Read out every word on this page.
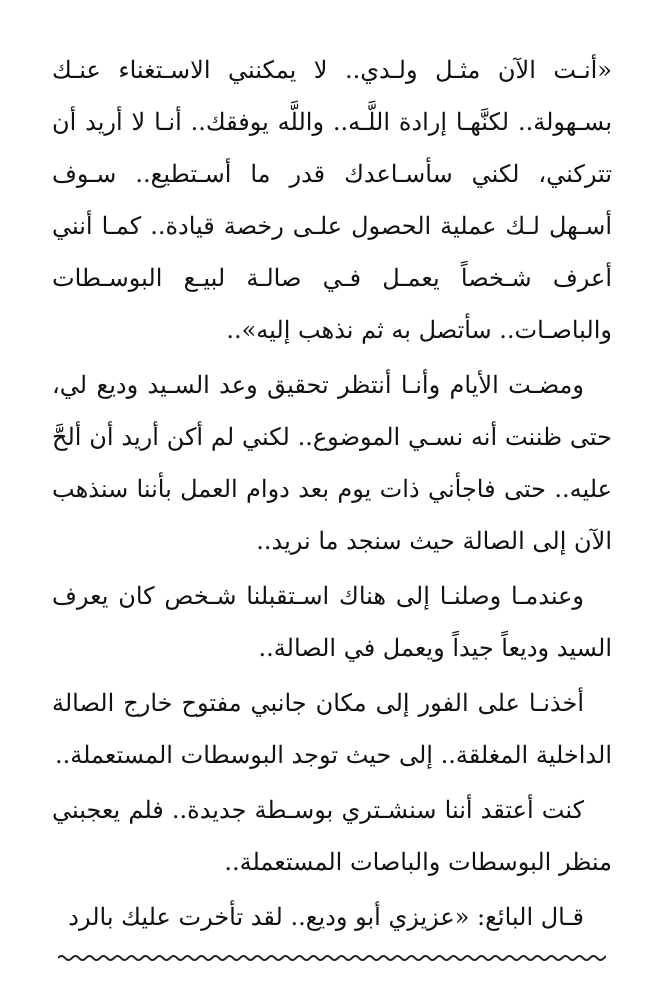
«أنـت الآن مثـل ولـدي.. لا يمكنني الاسـتغناء عنـك بسـهولة.. لكنَّهـا إرادة اللَّـه.. واللَّه يوفقك.. أنـا لا أريد أن تتركني، لكني سأسـاعدك قدر ما أسـتطيع.. سـوف أسـهل لـك عملية الحصول علـى رخصة قيادة.. كمـا أنني أعرف شـخصاً يعمـل فـي صالـة لبيـع البوسـطات والباصـات.. سأتصل به ثم نذهب إليه»..

ومضـت الأيام وأنـا أنتظر تحقيق وعد السـيد وديع لي، حتى ظننت أنه نسـي الموضوع.. لكني لم أكن أريد أن ألحَّ عليه.. حتى فاجأني ذات يوم بعد دوام العمل بأننا سنذهب الآن إلى الصالة حيث سنجد ما نريد..

وعندمـا وصلنـا إلى هناك اسـتقبلنا شـخص كان يعرف السيد وديعاً جيداً ويعمل في الصالة..

أخذنـا على الفور إلى مكان جانبي مفتوح خارج الصالة الداخلية المغلقة.. إلى حيث توجد البوسطات المستعملة..

كنت أعتقد أننا سنشـتري بوسـطة جديدة.. فلم يعجبني منظر البوسطات والباصات المستعملة..

قـال البائع: «عزيزي أبو وديع.. لقد تأخرت عليك بالرد
